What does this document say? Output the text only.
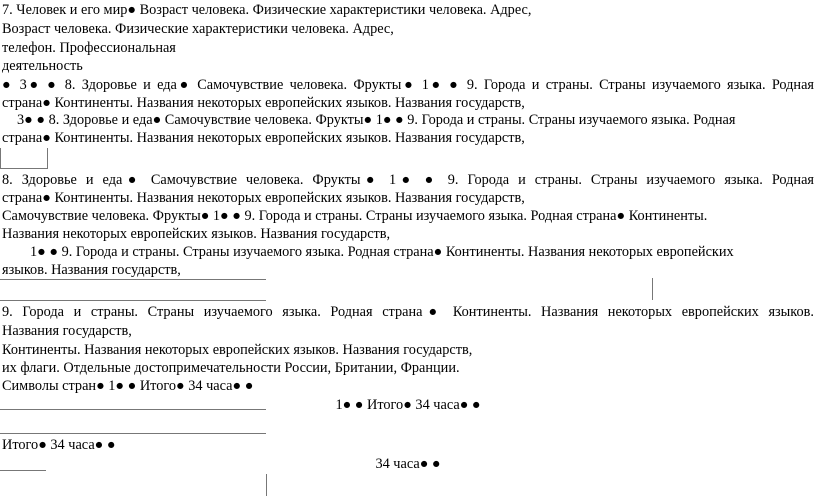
7. Человек и его мир● Возраст человека. Физические характеристики человека. Адрес,
Возраст человека. Физические характеристики человека. Адрес,
телефон. Профессиональная
деятельность
● 3● ● 8. Здоровье и еда● Самочувствие человека. Фрукты● 1● ● 9. Города и страны. Страны изучаемого языка. Родная
страна● Континенты. Названия некоторых европейских языков. Названия государств,
3● ● 8. Здоровье и еда● Самочувствие человека. Фрукты● 1● ● 9. Города и страны. Страны изучаемого языка. Родная
страна● Континенты. Названия некоторых европейских языков. Названия государств,
8. Здоровье и еда● Самочувствие человека. Фрукты● 1● ● 9. Города и страны. Страны изучаемого языка. Родная
страна● Континенты. Названия некоторых европейских языков. Названия государств,
Самочувствие человека. Фрукты● 1● ● 9. Города и страны. Страны изучаемого языка. Родная страна● Континенты.
Названия некоторых европейских языков. Названия государств,
1● ● 9. Города и страны. Страны изучаемого языка. Родная страна● Континенты. Названия некоторых европейских
языков. Названия государств,
9. Города и страны. Страны изучаемого языка. Родная страна● Континенты. Названия некоторых европейских языков.
Названия государств,
Континенты. Названия некоторых европейских языков. Названия государств,
их флаги. Отдельные достопримечательности России, Британии, Франции.
Символы стран● 1● ● Итого● 34 часа● ●
1● ● Итого● 34 часа● ●
Итого● 34 часа● ●
34 часа● ●
